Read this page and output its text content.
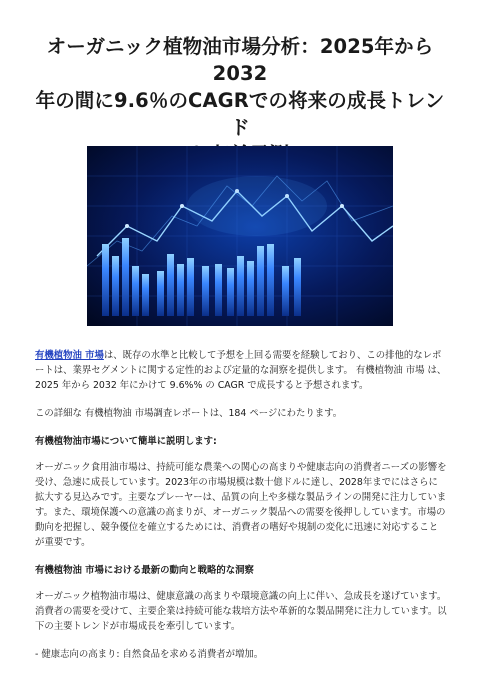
オーガニック植物油市場分析：2025年から2032
年の間に9.6％のCAGRでの将来の成長トレンド

有機植物油 市場は、既存の水準と比較して予想を上回る需要を経験しており、この排他的なレポートは、業界セグメントに関する定性的および定量的な洞察を提供します。 有機植物油 市場 は、2025 年から 2032 年にかけて 9.6%% の CAGR で成長すると予想されます。

この詳細な 有機植物油 市場調査レポートは、184 ページにわたります。

有機植物油市場について簡単に説明します:

オーガニック食用油市場は、持続可能な農業への関心の高まりや健康志向の消費者ニーズの影響を受け、急速に成長しています。2023年の市場規模は数十億ドルに達し、2028年までにはさらに拡大する見込みです。主要なプレーヤーは、品質の向上や多様な製品ラインの開発に注力しています。また、環境保護への意識の高まりが、オーガニック製品への需要を後押ししています。市場の動向を把握し、競争優位を確立するためには、消費者の嗜好や規制の変化に迅速に対応することが重要です。

有機植物油 市場における最新の動向と戦略的な洞察

オーガニック植物油市場は、健康意識の高まりや環境意識の向上に伴い、急成長を遂げています。消費者の需要を受けて、主要企業は持続可能な栽培方法や革新的な製品開発に注力しています。以下の主要トレンドが市場成長を牽引しています。

- 健康志向の高まり: 自然食品を求める消費者が増加。
